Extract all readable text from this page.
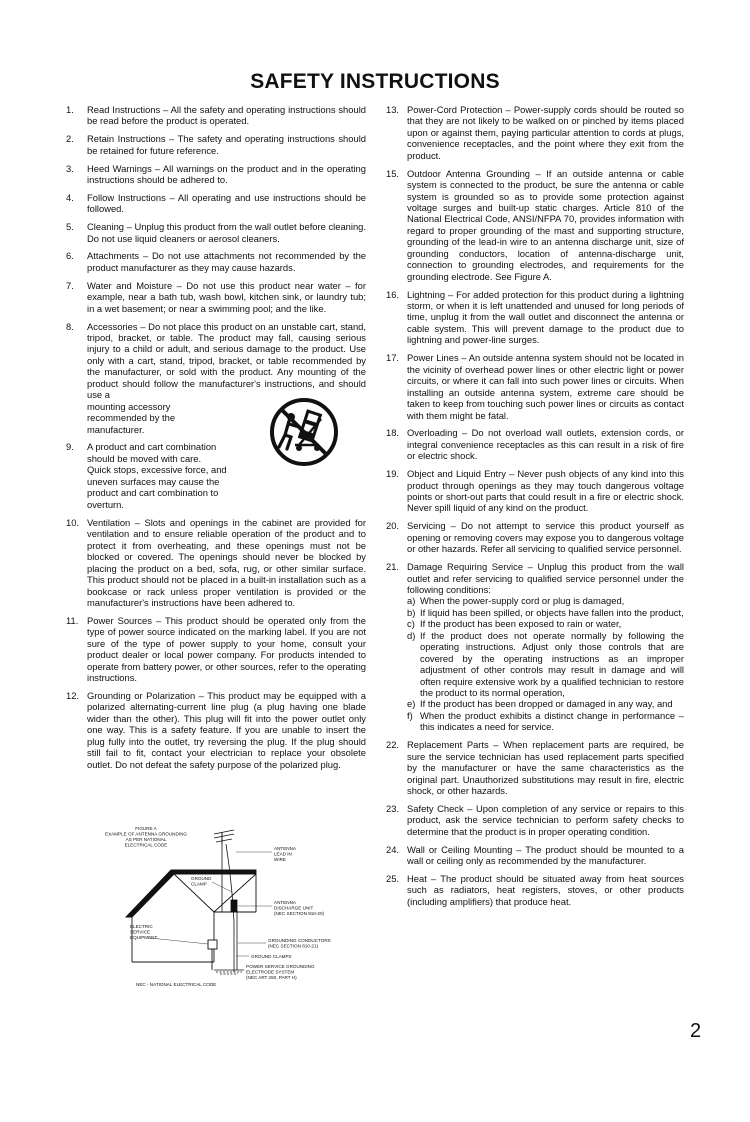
SAFETY INSTRUCTIONS
1.	Read Instructions – All the safety and operating instructions should be read before the product is operated.
2.	Retain Instructions – The safety and operating instructions should be retained for future reference.
3.	Heed Warnings – All warnings on the product and in the operating instructions should be adhered to.
4.	Follow Instructions – All operating and use instructions should be followed.
5.	Cleaning – Unplug this product from the wall outlet before cleaning. Do not use liquid cleaners or aerosol cleaners.
6.	Attachments – Do not use attachments not recommended by the product manufacturer as they may cause hazards.
7.	Water and Moisture – Do not use this product near water – for example, near a bath tub, wash bowl, kitchen sink, or laundry tub; in a wet basement; or near a swimming pool; and the like.
8.	Accessories – Do not place this product on an unstable cart, stand, tripod, bracket, or table. The product may fall, causing serious injury to a child or adult, and serious damage to the product. Use only with a cart, stand, tripod, bracket, or table recommended by the manufacturer, or sold with the product. Any mounting of the product should follow the manufacturer's instructions, and should use a
mounting accessory recommended by the manufacturer.
9.	A product and cart combination should be moved with care. Quick stops, excessive force, and uneven surfaces may cause the product and cart combination to overturn.
10. Ventilation – Slots and openings in the cabinet are provided for ventilation and to ensure reliable operation of the product and to protect it from overheating, and these openings must not be blocked or covered. The openings should never be blocked by placing the product on a bed, sofa, rug, or other similar surface. This product should not be placed in a built-in installation such as a bookcase or rack unless proper ventilation is provided or the manufacturer's instructions have been adhered to.
11. Power Sources – This product should be operated only from the type of power source indicated on the marking label. If you are not sure of the type of power supply to your home, consult your product dealer or local power company. For products intended to operate from battery power, or other sources, refer to the operating instructions.
12. Grounding or Polarization – This product may be equipped with a polarized alternating-current line plug (a plug having one blade wider than the other). This plug will fit into the power outlet only one way. This is a safety feature. If you are unable to insert the plug fully into the outlet, try reversing the plug. If the plug should still fail to fit, contact your electrician to replace your obsolete outlet. Do not defeat the safety purpose of the polarized plug.
FIGURE A
EXAMPLE OF ANTENNA GROUNDING
AS PER NATIONAL
ELECTRICAL CODE
ANTENNA
LEAD IN
WIRE
GROUND
CLAMP
ANTENNA
DISCHARGE UNIT
(NEC SECTION 810-20)
ELECTRIC
SERVICE
EQUIPMENT
GROUNDING CONDUCTORS
(NEC SECTION 810-21)
GROUND CLAMPS
POWER SERVICE GROUNDING
ELECTRODE SYSTEM
(NEC ART 250, PART H)
NEC - NATIONAL ELECTRICAL CODE
13. Power-Cord Protection – Power-supply cords should be routed so that they are not likely to be walked on or pinched by items placed upon or against them, paying particular attention to cords at plugs, convenience receptacles, and the point where they exit from the product.
15. Outdoor Antenna Grounding – If an outside antenna or cable system is connected to the product, be sure the antenna or cable system is grounded so as to provide some protection against voltage surges and built-up static charges. Article 810 of the National Electrical Code, ANSI/NFPA 70, provides information with regard to proper grounding of the mast and supporting structure, grounding of the lead-in wire to an antenna discharge unit, size of grounding conductors, location of antenna-discharge unit, connection to grounding electrodes, and requirements for the grounding electrode. See Figure A.
16. Lightning – For added protection for this product during a lightning storm, or when it is left unattended and unused for long periods of time, unplug it from the wall outlet and disconnect the antenna or cable system. This will prevent damage to the product due to lightning and power-line surges.
17. Power Lines – An outside antenna system should not be located in the vicinity of overhead power lines or other electric light or power circuits, or where it can fall into such power lines or circuits. When installing an outside antenna system, extreme care should be taken to keep from touching such power lines or circuits as contact with them might be fatal.
18. Overloading – Do not overload wall outlets, extension cords, or integral convenience receptacles as this can result in a risk of fire or electric shock.
19. Object and Liquid Entry – Never push objects of any kind into this product through openings as they may touch dangerous voltage points or short-out parts that could result in a fire or electric shock. Never spill liquid of any kind on the product.
20. Servicing – Do not attempt to service this product yourself as opening or removing covers may expose you to dangerous voltage or other hazards. Refer all servicing to qualified service personnel.
21. Damage Requiring Service – Unplug this product from the wall outlet and refer servicing to qualified service personnel under the following conditions:
a) When the power-supply cord or plug is damaged,
b) If liquid has been spilled, or objects have fallen into the product,
c) If the product has been exposed to rain or water,
d) If the product does not operate normally by following the operating instructions. Adjust only those controls that are covered by the operating instructions as an improper adjustment of other controls may result in damage and will often require extensive work by a qualified technician to restore the product to its normal operation,
e) If the product has been dropped or damaged in any way, and
f) When the product exhibits a distinct change in performance – this indicates a need for service.
22. Replacement Parts – When replacement parts are required, be sure the service technician has used replacement parts specified by the manufacturer or have the same characteristics as the original part. Unauthorized substitutions may result in fire, electric shock, or other hazards.
23. Safety Check – Upon completion of any service or repairs to this product, ask the service technician to perform safety checks to determine that the product is in proper operating condition.
24. Wall or Ceiling Mounting – The product should be mounted to a wall or ceiling only as recommended by the manufacturer.
25. Heat – The product should be situated away from heat sources such as radiators, heat registers, stoves, or other products (including amplifiers) that produce heat.

2
